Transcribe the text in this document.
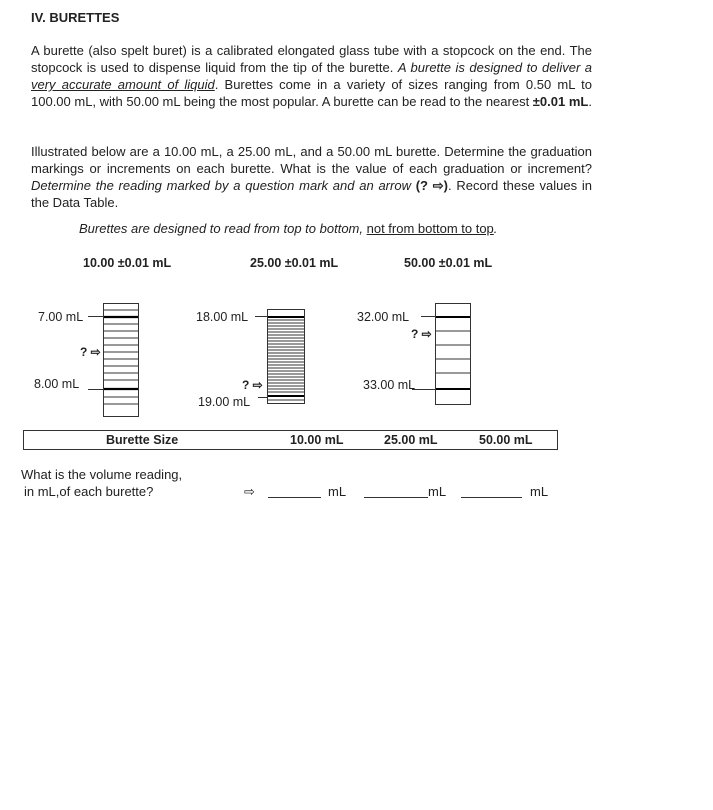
IV. BURETTES

A burette (also spelt buret) is a calibrated elongated glass tube with a stopcock on the end. The stopcock is used to dispense liquid from the tip of the burette. A burette is designed to deliver a very accurate amount of liquid. Burettes come in a variety of sizes ranging from 0.50 mL to 100.00 mL, with 50.00 mL being the most popular. A burette can be read to the nearest ±0.01 mL.

Illustrated below are a 10.00 mL, a 25.00 mL, and a 50.00 mL burette. Determine the graduation markings or increments on each burette. What is the value of each graduation or increment? Determine the reading marked by a question mark and an arrow (? ⇨). Record these values in the Data Table.

Burettes are designed to read from top to bottom, not from bottom to top.
10.00 ±0.01 mL	25.00 ±0.01 mL	50.00 ±0.01 mL
7.00 mL
? ⇨
8.00 mL
18.00 mL
? ⇨
19.00 mL
32.00 mL
? ⇨
33.00 mL
Burette Size	10.00 mL	25.00 mL	50.00 mL
What is the volume reading,
in mL,of each burette?	⇨	mL	mL	mL
